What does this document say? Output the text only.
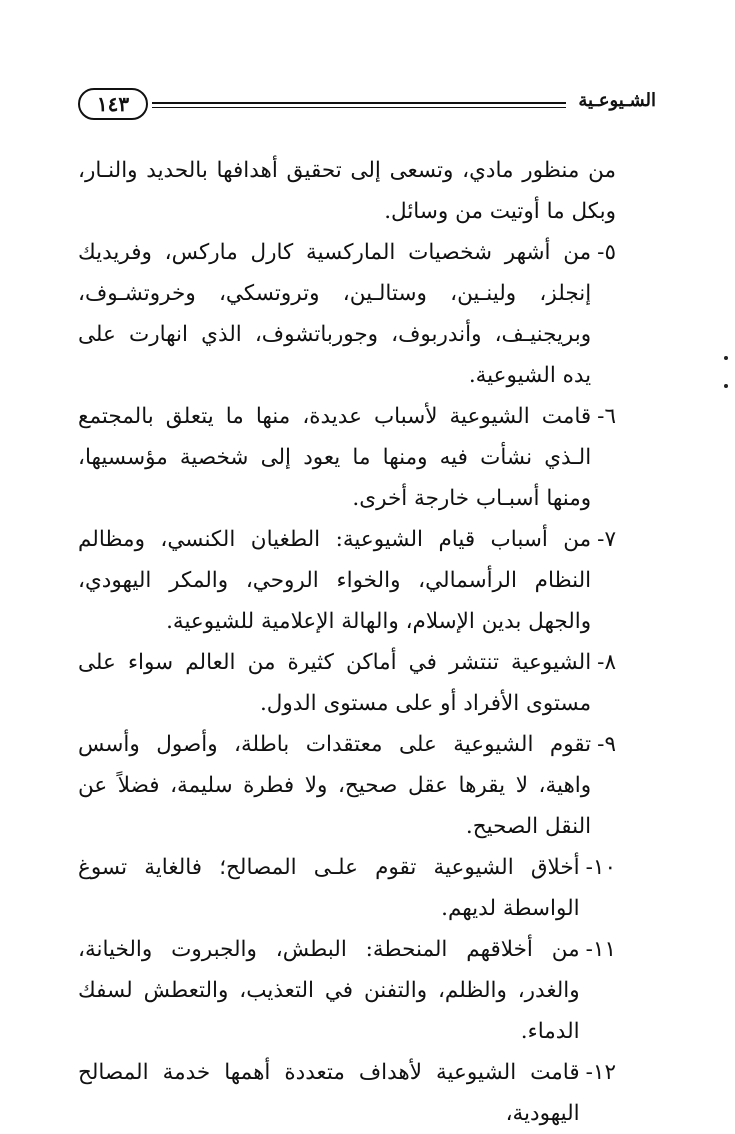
الشـيوعـية
١٤٣

من منظور مادي، وتسعى إلى تحقيق أهدافها بالحديد والنـار، وبكل ما أوتيت من وسائل.

٥-
من أشهر شخصيات الماركسية كارل ماركس، وفريديك إنجلز، ولينـين، وستالـين، وتروتسكي، وخروتشـوف، وبريجنيـف، وأندربوف، وجورباتشوف، الذي انهارت على يده الشيوعية.
٦-
قامت الشيوعية لأسباب عديدة، منها ما يتعلق بالمجتمع الـذي نشأت فيه ومنها ما يعود إلى شخصية مؤسسيها، ومنها أسبـاب خارجة أخرى.
٧-
من أسباب قيام الشيوعية: الطغيان الكنسي، ومظالم النظام الرأسمالي، والخواء الروحي، والمكر اليهودي، والجهل بدين الإسلام، والهالة الإعلامية للشيوعية.
٨-
الشيوعية تنتشر في أماكن كثيرة من العالم سواء على مستوى الأفراد أو على مستوى الدول.
٩-
تقوم الشيوعية على معتقدات باطلة، وأصول وأسس واهية، لا يقرها عقل صحيح، ولا فطرة سليمة، فضلاً عن النقل الصحيح.
١٠-
أخلاق الشيوعية تقوم علـى المصالح؛ فالغاية تسوغ الواسطة لديهم.
١١-
من أخلاقهم المنحطة: البطش، والجبروت والخيانة، والغدر، والظلم، والتفنن في التعذيب، والتعطش لسفك الدماء.
١٢-
قامت الشيوعية لأهداف متعددة أهمها خدمة المصالح اليهودية،
